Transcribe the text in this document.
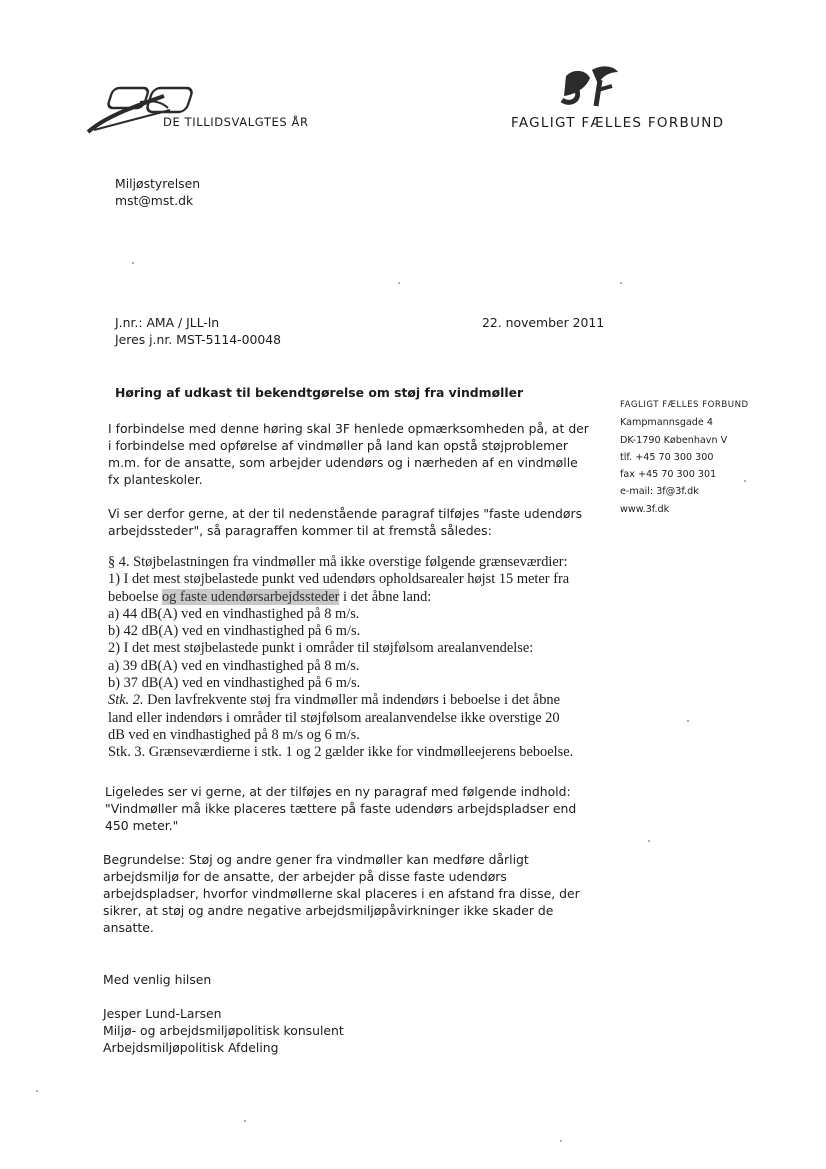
DE TILLIDSVALGTES ÅR	FAGLIGT FÆLLES FORBUND
Miljøstyrelsen
mst@mst.dk
J.nr.: AMA / JLL-ln
Jeres j.nr. MST-5114-00048
22. november 2011
Høring af udkast til bekendtgørelse om støj fra vindmøller
FAGLIGT FÆLLES FORBUND
Kampmannsgade 4
DK-1790 København V
tlf. +45 70 300 300
fax +45 70 300 301
e-mail: 3f@3f.dk
www.3f.dk
I forbindelse med denne høring skal 3F henlede opmærksomheden på, at der
i forbindelse med opførelse af vindmøller på land kan opstå støjproblemer
m.m. for de ansatte, som arbejder udendørs og i nærheden af en vindmølle
fx planteskoler.
Vi ser derfor gerne, at der til nedenstående paragraf tilføjes "faste udendørs
arbejdssteder", så paragraffen kommer til at fremstå således:
§ 4. Støjbelastningen fra vindmøller må ikke overstige følgende grænseværdier:
1) I det mest støjbelastede punkt ved udendørs opholdsarealer højst 15 meter fra
beboelse og faste udendørsarbejdssteder i det åbne land:
a) 44 dB(A) ved en vindhastighed på 8 m/s.
b) 42 dB(A) ved en vindhastighed på 6 m/s.
2) I det mest støjbelastede punkt i områder til støjfølsom arealanvendelse:
a) 39 dB(A) ved en vindhastighed på 8 m/s.
b) 37 dB(A) ved en vindhastighed på 6 m/s.
Stk. 2. Den lavfrekvente støj fra vindmøller må indendørs i beboelse i det åbne
land eller indendørs i områder til støjfølsom arealanvendelse ikke overstige 20
dB ved en vindhastighed på 8 m/s og 6 m/s.
Stk. 3. Grænseværdierne i stk. 1 og 2 gælder ikke for vindmølleejerens beboelse.
Ligeledes ser vi gerne, at der tilføjes en ny paragraf med følgende indhold:
"Vindmøller må ikke placeres tættere på faste udendørs arbejdspladser end
450 meter."
Begrundelse: Støj og andre gener fra vindmøller kan medføre dårligt
arbejdsmiljø for de ansatte, der arbejder på disse faste udendørs
arbejdspladser, hvorfor vindmøllerne skal placeres i en afstand fra disse, der
sikrer, at støj og andre negative arbejdsmiljøpåvirkninger ikke skader de
ansatte.
Med venlig hilsen
Jesper Lund-Larsen
Miljø- og arbejdsmiljøpolitisk konsulent
Arbejdsmiljøpolitisk Afdeling
